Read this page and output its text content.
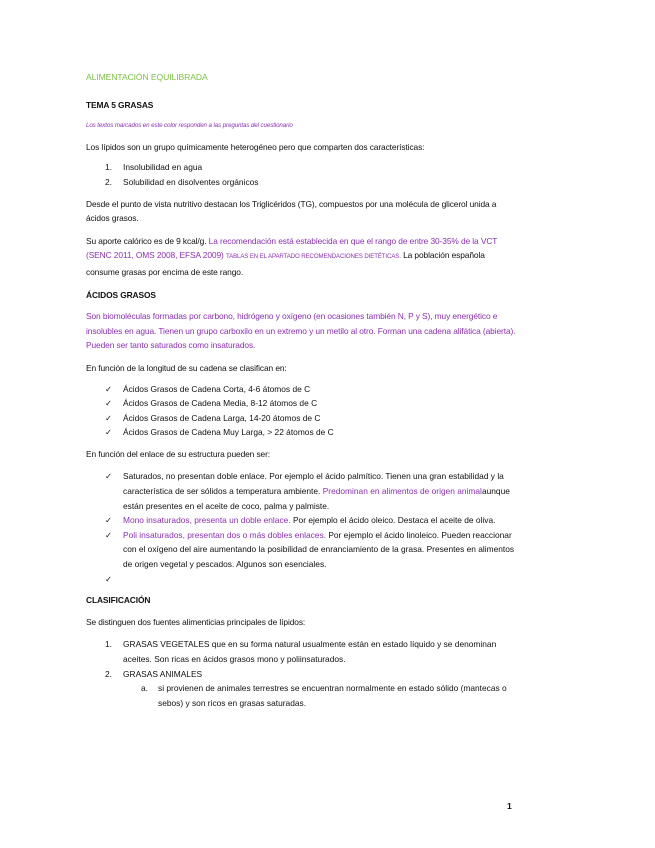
ALIMENTACIÓN EQUILIBRADA

TEMA 5 GRASAS

Los textos marcados en este color responden a las preguntas del cuestionario

Los lípidos son un grupo químicamente heterogéneo pero que comparten dos características:

1. Insolubilidad en agua
2. Solubilidad en disolventes orgánicos

Desde el punto de vista nutritivo destacan los Triglicéridos (TG), compuestos por una molécula de glicerol unida a ácidos grasos.

Su aporte calórico es de 9 kcal/g. La recomendación está establecida en que el rango de entre 30-35% de la VCT (SENC 2011, OMS 2008, EFSA 2009) TABLAS EN EL APARTADO RECOMENDACIONES DIETÉTICAS. La población española consume grasas por encima de este rango.

ÁCIDOS GRASOS

Son biomoléculas formadas por carbono, hidrógeno y oxígeno (en ocasiones también N, P y S), muy energético e insolubles en agua. Tienen un grupo carboxilo en un extremo y un metilo al otro. Forman una cadena alifática (abierta). Pueden ser tanto saturados como insaturados.

En función de la longitud de su cadena se clasifican en:

✓ Ácidos Grasos de Cadena Corta, 4-6 átomos de C
✓ Ácidos Grasos de Cadena Media, 8-12 átomos de C
✓ Ácidos Grasos de Cadena Larga, 14-20 átomos de C
✓ Ácidos Grasos de Cadena Muy Larga, > 22 átomos de C

En función del enlace de su estructura pueden ser:

✓ Saturados, no presentan doble enlace. Por ejemplo el ácido palmítico. Tienen una gran estabilidad y la característica de ser sólidos a temperatura ambiente. Predominan en alimentos de origen animalaunque están presentes en el aceite de coco, palma y palmiste.
✓ Mono insaturados, presenta un doble enlace. Por ejemplo el ácido oleico. Destaca el aceite de oliva.
✓ Poli insaturados, presentan dos o más dobles enlaces. Por ejemplo el ácido linoleico. Pueden reaccionar con el oxígeno del aire aumentando la posibilidad de enranciamiento de la grasa. Presentes en alimentos de origen vegetal y pescados. Algunos son esenciales.
✓

CLASIFICACIÓN

Se distinguen dos fuentes alimenticias principales de lípidos:

1. GRASAS VEGETALES que en su forma natural usualmente están en estado líquido y se denominan aceites. Son ricas en ácidos grasos mono y poliinsaturados.
2. GRASAS ANIMALES
a. si provienen de animales terrestres se encuentran normalmente en estado sólido (mantecas o sebos) y son ricos en grasas saturadas.
1
